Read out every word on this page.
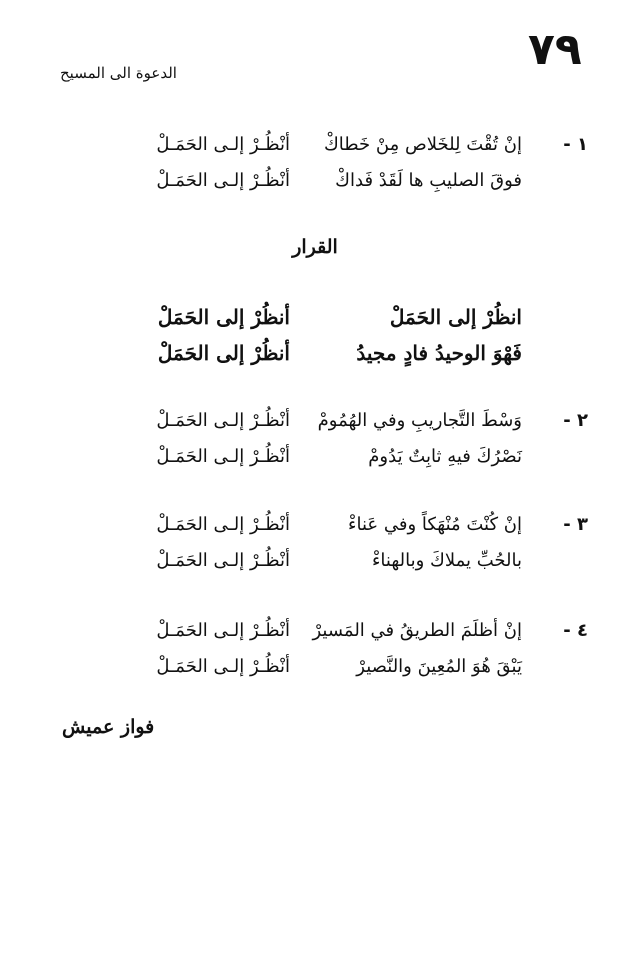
٧٩
الدعوة الى المسيح
١ -
إنْ تُقْتَ لِلخَلاص مِنْ خَطاكْ
أنْظُـرْ إلـى الحَمَـلْ
فوقَ الصليبِ ها لَقَدْ فَداكْ
أنْظُـرْ إلـى الحَمَـلْ
القرار
انظُرْ إلى الحَمَلْ
أنظُرْ إلى الحَمَلْ
فَهْوَ الوحيدُ فادٍ مجيدُ
أنظُرْ إلى الحَمَلْ
٢ -
وَسْطَ التَّجاريبِ وفي الهُمُومْ
أنْظُـرْ إلـى الحَمَـلْ
نَصْرُكَ فيهِ ثابِتٌ يَدُومْ
أنْظُـرْ إلـى الحَمَـلْ
٣ -
إنْ كُنْتَ مُنْهَكاً وفي عَناءْ
أنْظُـرْ إلـى الحَمَـلْ
بالحُبِّ يملاكَ وبالهناءْ
أنْظُـرْ إلـى الحَمَـلْ
٤ -
إنْ أظلَمَ الطريقُ في المَسيرْ
أنْظُـرْ إلـى الحَمَـلْ
يَبْقَ هُوَ المُعِينَ والنَّصيرْ
أنْظُـرْ إلـى الحَمَـلْ
فواز عميش
